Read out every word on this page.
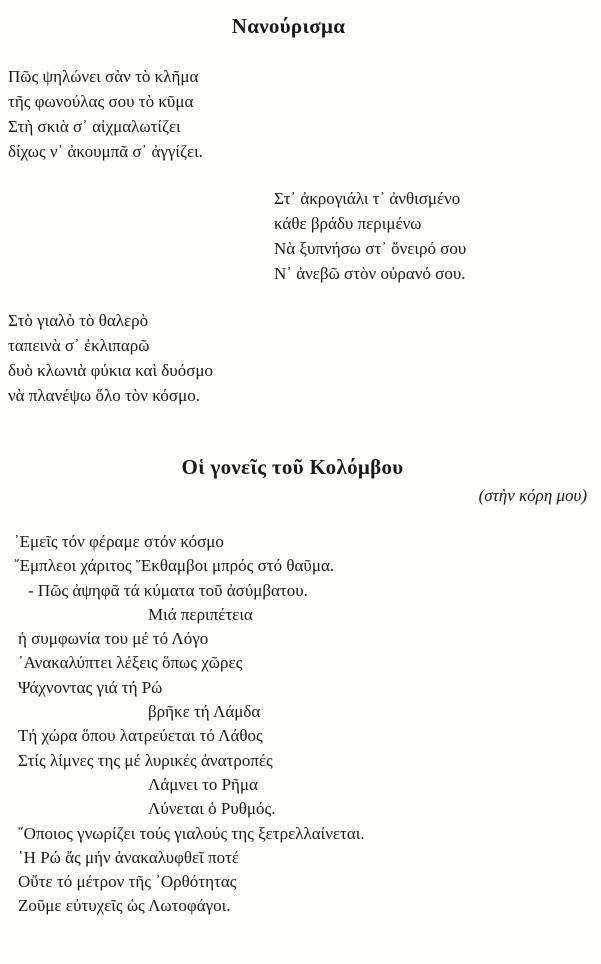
Νανούρισμα
Πῶς ψηλώνει σὰν τὸ κλῆμα
τῆς φωνούλας σου τὸ κῦμα
Στὴ σκιὰ σ᾽ αἰχμαλωτίζει
δίχως ν᾽ ἀκουμπᾶ σ᾽ ἀγγίζει.
Στ᾽ ἀκρογιάλι τ᾽ ἀνθισμένο
κάθε βράδυ περιμένω
Νὰ ξυπνήσω στ᾽ ὄνειρό σου
Ν᾽ ἀνεβῶ στὸν οὐρανό σου.
Στὸ γιαλὸ τὸ θαλερὸ
ταπεινὰ σ᾽ ἐκλιπαρῶ
δυὸ κλωνιὰ φύκια καὶ δυόσμο
νὰ πλανέψω ὅλο τὸν κόσμο.
Οἱ γονεῖς τοῦ Κολόμβου
(στὴν κόρη μου)
᾽Εμεῖς τόν φέραμε στόν κόσμο
῎Εμπλεοι χάριτος Ἔκθαμβοι μπρός στό θαῦμα.
- Πῶς ἀψηφᾶ τά κύματα τοῦ ἀσύμβατου.
Μιά περιπέτεια
ἡ συμφωνία του μέ τό Λόγο
᾽Ανακαλύπτει λέξεις ὅπως χῶρες
Ψάχνοντας γιά τή Ρώ
βρῆκε τή Λάμδα
Τή χώρα ὅπου λατρεύεται τό Λάθος
Στίς λίμνες της μέ λυρικές ἀνατροπές
Λάμνει το Ρῆμα
Λύνεται ὁ Ρυθμός.
῞Οποιος γνωρίζει τούς γιαλούς της ξετρελλαίνεται.
῾Η Ρώ ἄς μήν ἀνακαλυφθεῖ ποτέ
Οὔτε τό μέτρον τῆς ᾽Ορθότητας
Ζοῦμε εὐτυχεῖς ὡς Λωτοφάγοι.
